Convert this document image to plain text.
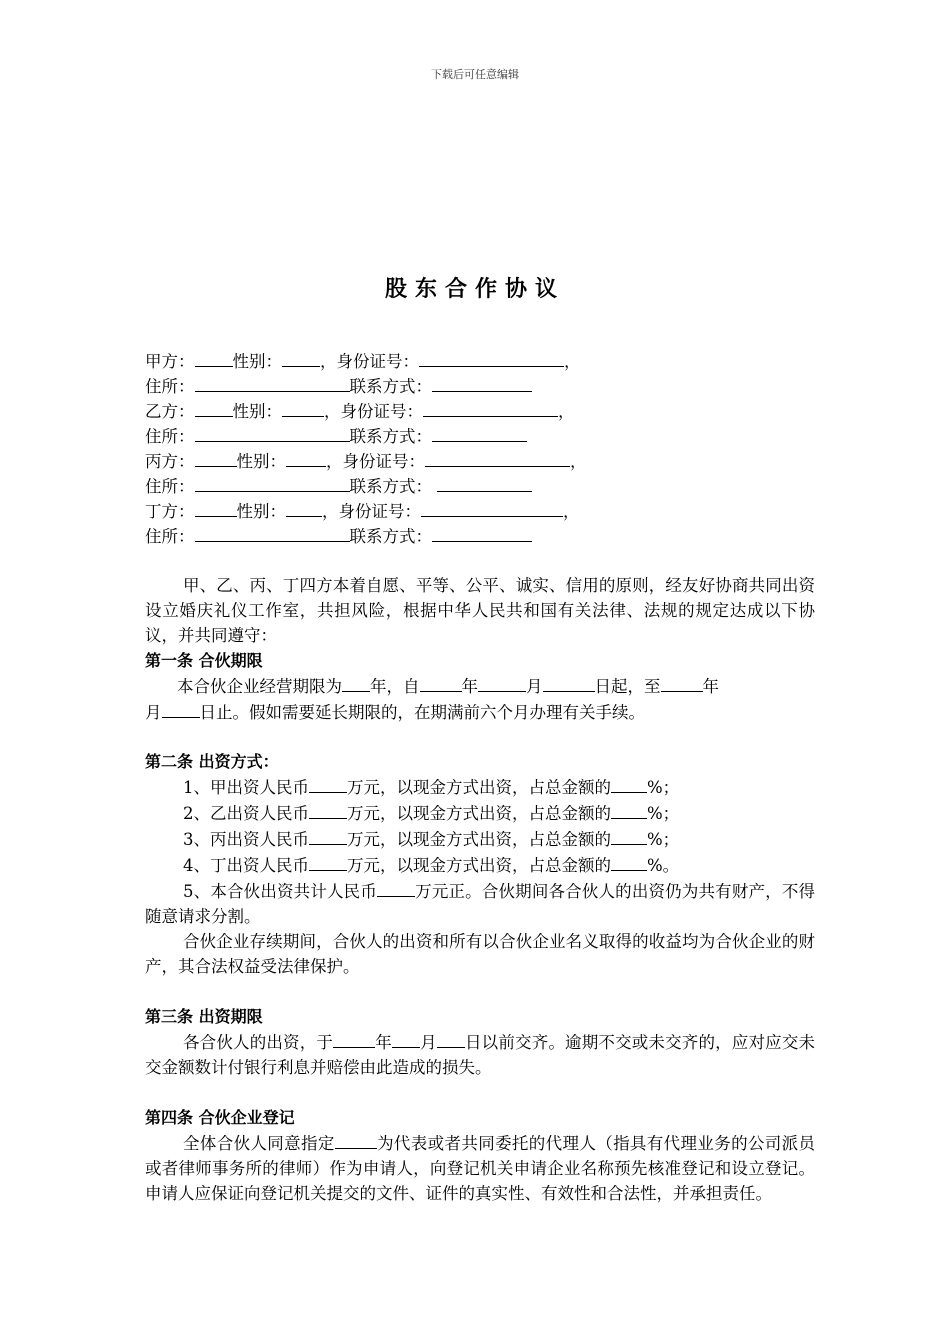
下载后可任意编辑
股东合作协议
甲方： 性别： ，身份证号：	，
住所：	联系方式：
乙方： 性别：	，身份证号：	，
住所：	联系方式：
丙方：	性别： ，身份证号：	，
住所：	联系方式：
丁方：	性别： ，身份证号：	，
住所：	联系方式：
甲、乙、丙、丁四方本着自愿、平等、公平、诚实、信用的原则，经友好协商共同出资设立婚庆礼仪工作室，共担风险，根据中华人民共和国有关法律、法规的规定达成以下协议，并共同遵守：
第一条 合伙期限
本合伙企业经营期限为 年，自	年	月	日起，至	年
月 日止。假如需要延长期限的，在期满前六个月办理有关手续。
第二条 出资方式：
1、甲出资人民币 万元，以现金方式出资，占总金额的 %；
2、乙出资人民币 万元，以现金方式出资，占总金额的 %；
3、丙出资人民币 万元，以现金方式出资，占总金额的 %；
4、丁出资人民币 万元，以现金方式出资，占总金额的 %。
5、本合伙出资共计人民币 万元正。合伙期间各合伙人的出资仍为共有财产，不得随意请求分割。
合伙企业存续期间，合伙人的出资和所有以合伙企业名义取得的收益均为合伙企业的财产，其合法权益受法律保护。
第三条 出资期限
各合伙人的出资，于	年 月 日以前交齐。逾期不交或未交齐的，应对应交未交金额数计付银行利息并赔偿由此造成的损失。
第四条 合伙企业登记
全体合伙人同意指定	为代表或者共同委托的代理人（指具有代理业务的公司派员或者律师事务所的律师）作为申请人，向登记机关申请企业名称预先核准登记和设立登记。申请人应保证向登记机关提交的文件、证件的真实性、有效性和合法性，并承担责任。
